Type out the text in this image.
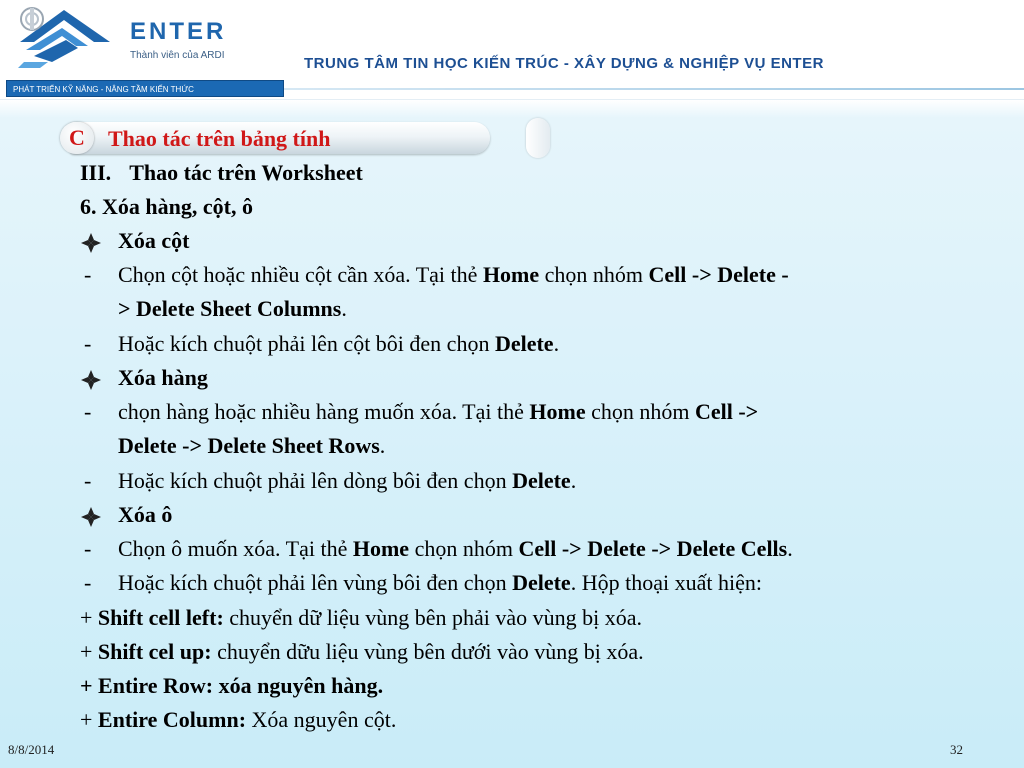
ENTER
Thành viên của ARDI	TRUNG TÂM TIN HỌC KIẾN TRÚC - XÂY DỰNG & NGHIỆP VỤ ENTER
PHÁT TRIỂN KỸ NĂNG - NÂNG TẦM KIẾN THỨC
C	Thao tác trên bảng tính
III. Thao tác trên Worksheet
6. Xóa hàng, cột, ô
Xóa cột
- Chọn cột hoặc nhiều cột cần xóa. Tại thẻ Home chọn nhóm Cell -> Delete -
> Delete Sheet Columns.
- Hoặc kích chuột phải lên cột bôi đen chọn Delete.
Xóa hàng
- chọn hàng hoặc nhiều hàng muốn xóa. Tại thẻ Home chọn nhóm Cell ->
Delete -> Delete Sheet Rows.
- Hoặc kích chuột phải lên dòng bôi đen chọn Delete.
Xóa ô
- Chọn ô muốn xóa. Tại thẻ Home chọn nhóm Cell -> Delete -> Delete Cells.
- Hoặc kích chuột phải lên vùng bôi đen chọn Delete. Hộp thoại xuất hiện:
+ Shift cell left: chuyển dữ liệu vùng bên phải vào vùng bị xóa.
+ Shift cel up: chuyển dữu liệu vùng bên dưới vào vùng bị xóa.
+ Entire Row: xóa nguyên hàng.
+ Entire Column: Xóa nguyên cột.
8/8/2014	32
